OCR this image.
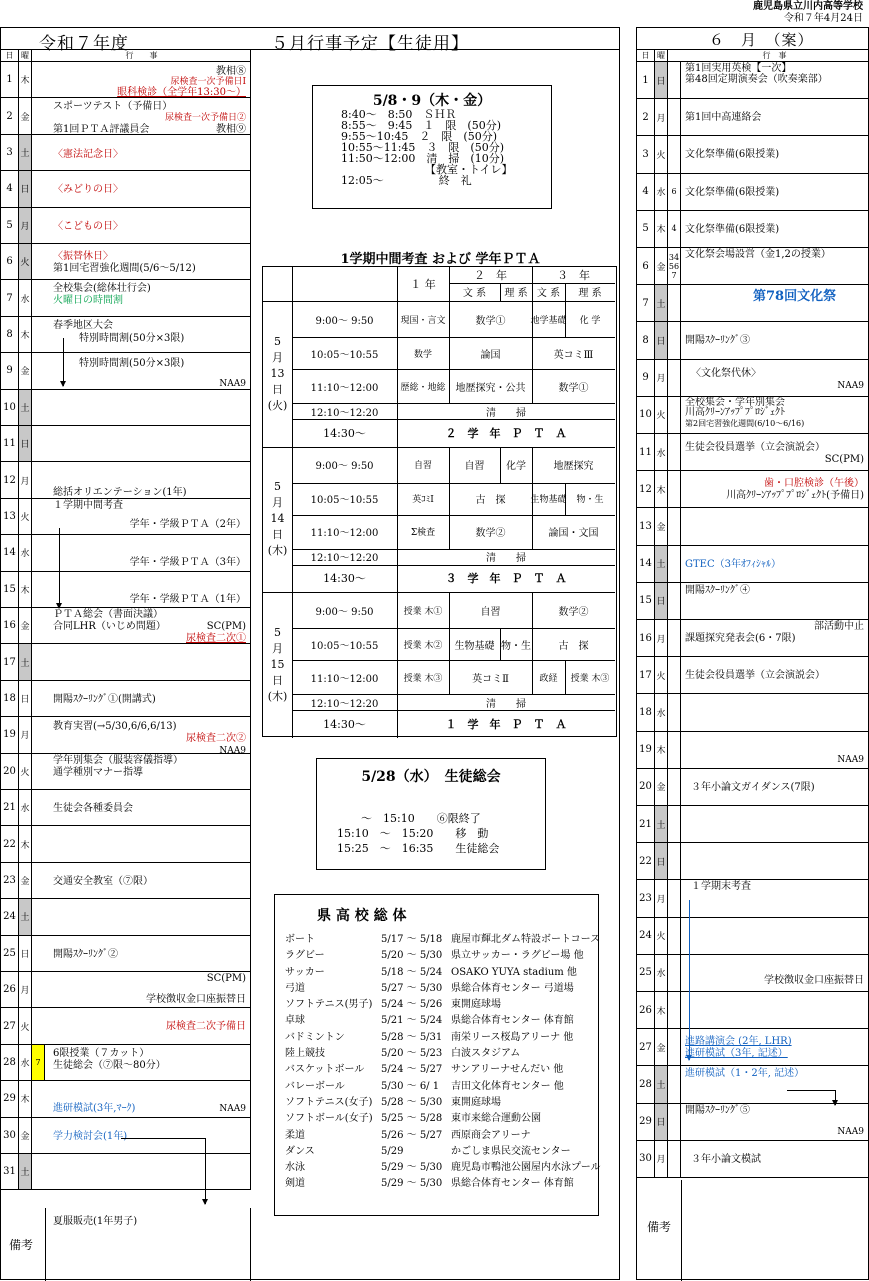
鹿児島県立川内高等学校
令和７年4月24日
令和７年度	５月行事予定【生徒用】
日 曜	行　　事
1 木
教相⑧
尿検査一次予備日Ⅰ
眼科検診（全学年13:30～）
2 金
スポーツテスト（予備日）
尿検査一次予備日②
第1回ＰＴＡ評議員会	教相⑨
3 土 〈憲法記念日〉
4 日 〈みどりの日〉
5 月 〈こどもの日〉
6 火
〈振替休日〉
第1回宅習強化週間(5/6～5/12)
7 水
全校集会(総体壮行会)
火曜日の時間割
8 木
春季地区大会
特別時間割(50分×3限)
9 金
特別時間割(50分×3限)
NAA9
10 土
11 日
12 月
総括オリエンテーション(1年)
13 火
１学期中間考査
学年・学級ＰＴＡ（2年）
14 水
学年・学級ＰＴＡ（3年）
15 木
学年・学級ＰＴＡ（1年）
16 金
ＰＴＡ総会（書面決議）
合同LHR（いじめ問題）	SC(PM)
尿検査二次①
17 土
18 日 開陽ｽｸｰﾘﾝｸﾞ①(開講式)
19 月
教育実習(→5/30,6/6,6/13)
尿検査二次②
NAA9
20 火
学年別集会（服装容儀指導）
通学種別マナー指導
21 水 生徒会各種委員会
22 木
23 金 交通安全教室（⑦限）
24 土
25 日 開陽ｽｸｰﾘﾝｸﾞ②
26 月
SC(PM)
学校徴収金口座振替日
27 火	尿検査二次予備日
28 水 7
6限授業（７カット）
生徒総会（⑦限～80分）
29 木
進研模試(3年,ﾏｰｸ)	NAA9
30 金 学力検討会(1年)
31 土
備考
夏服販売(1年男子)
5/8・9（木・金）
8:40～　8:50　ＳＨＲ
8:55～　9:45　１　限　(50分)
9:55～10:45　２　限　(50分)
10:55～11:45　３　限　(50分)
11:50～12:00　清　掃　(10分)
【教室・トイレ】
12:05～　　　　　終　礼
1学期中間考査 および 学年ＰＴＡ
１ 年
２　年	３　年
文 系	理 系 文 系	理 系
5
月
13
日
(火)
9:00～ 9:50	現国・言文	数学①	地学基礎	化 学
10:05～10:55	数学	論国	英コミⅢ
11:10～12:00	歴総・地総	地歴探究・公共	数学①
12:10～12:20	清　　掃
14:30～	２　学　年　Ｐ　Ｔ　Ａ
5
月
14
日
(木)
9:00～ 9:50	自習	自習	化学	地歴探究
10:05～10:55	英ｺﾐⅠ	古　探	生物基礎	物・生
11:10～12:00	Σ検査	数学②	論国・文国
12:10～12:20	清　　掃
14:30～	３　学　年　Ｐ　Ｔ　Ａ
5
月
15
日
(木)
9:00～ 9:50	授業 木①	自習	数学②
10:05～10:55	授業 木②	生物基礎 物・生	古　探
11:10～12:00	授業 木③	英コミⅡ	政経	授業 木③
12:10～12:20	清　　掃
14:30～	１　学　年　Ｐ　Ｔ　Ａ
5/28（水）　生徒総会
～　15:10　　⑥限終了
15:10　～　15:20　　移　動
15:25　～　16:35　　生徒総会
県 高 校 総 体
ボート	5/17 ～ 5/18 鹿屋市輝北ダム特設ボートコース
ラグビー	5/20 ～ 5/30 県立サッカー・ラグビー場 他
サッカー	5/18 ～ 5/24 OSAKO YUYA stadium 他
弓道	5/27 ～ 5/30 県総合体育センター 弓道場
ソフトテニス(男子) 5/24 ～ 5/26 東開庭球場
卓球	5/21 ～ 5/24 県総合体育センター 体育館
バドミントン	5/28 ～ 5/31 南栄リース桜島アリーナ 他
陸上競技	5/20 ～ 5/23 白波スタジアム
バスケットボール 5/24 ～ 5/27 サンアリーナせんだい 他
バレーボール	5/30 ～ 6/ 1 吉田文化体育センター 他
ソフトテニス(女子) 5/28 ～ 5/30 東開庭球場
ソフトボール(女子) 5/25 ～ 5/28 東市来総合運動公園
柔道	5/26 ～ 5/27 西原商会アリーナ
ダンス	5/29	かごしま県民交流センター
水泳	5/29 ～ 5/30 鹿児島市鴨池公園屋内水泳プール
剣道	5/29 ～ 5/30 県総合体育センター 体育館
６　月　（案）
日 曜	行　事
1 日
第1回実用英検【一次】
第48回定期演奏会（吹奏楽部）
2 月 第1回中高連絡会
3 火 文化祭準備(6限授業)
4 水 6 文化祭準備(6限授業)
5 木 4 文化祭準備(6限授業)
6 金
34
56
7
文化祭会場設営（金1,2の授業）
7 土
第78回文化祭
8 日 開陽ｽｸｰﾘﾝｸﾞ③
9 月
〈文化祭代休〉
NAA9
10 火
全校集会・学年別集会
川高ｸﾘｰﾝｱｯﾌﾟﾌﾟﾛｼﾞｪｸﾄ
第2回宅習強化週間(6/10～6/16)
11 水
生徒会役員選挙（立会演説会）
SC(PM)
12 木
歯・口腔検診（午後）
川高ｸﾘｰﾝｱｯﾌﾟﾌﾟﾛｼﾞｪｸﾄ(予備日)
13 金
14 土 GTEC（3年ｵﾌｨｼｬﾙ）
15 日
開陽ｽｸｰﾘﾝｸﾞ④
16 月
部活動中止
課題探究発表会(6・7限)
17 火 生徒会役員選挙（立会演説会）
18 水
19 木
NAA9
20 金	３年小論文ガイダンス(7限)
21 土
22 日
23 月
１学期末考査
24 火
25 水
学校徴収金口座振替日
26 木
27 金
進路講演会 (2年, LHR)
進研模試（3年, 記述）
28 土
進研模試（1・2年, 記述）
29 日
開陽ｽｸｰﾘﾝｸﾞ⑤
NAA9
30 月	３年小論文模試
備考
